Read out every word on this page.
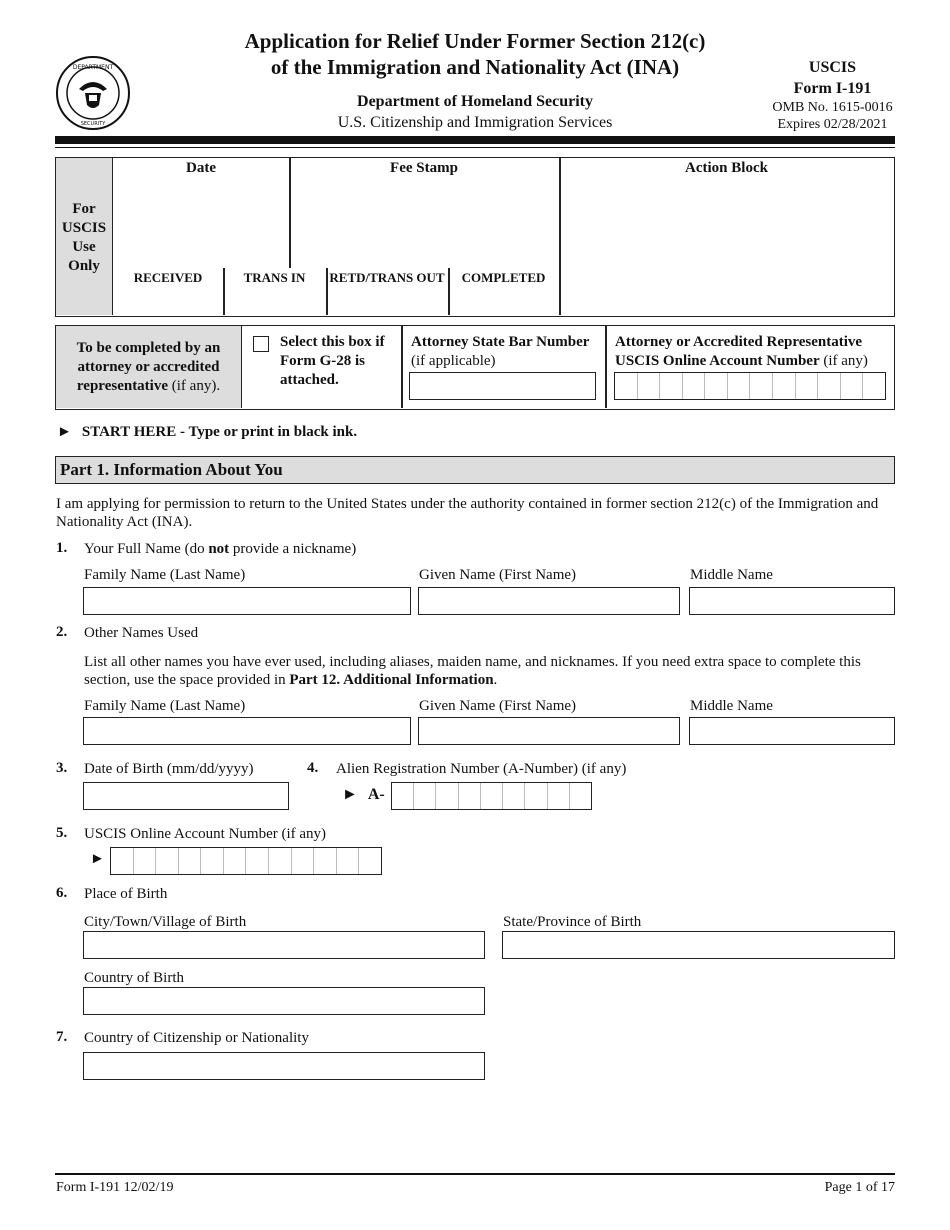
DEPARTMENT
SECURITY
Application for Relief Under Former Section 212(c)
of the Immigration and Nationality Act (INA)
Department of Homeland Security
U.S. Citizenship and Immigration Services
USCIS
Form I-191
OMB No. 1615-0016
Expires 02/28/2021
For
USCIS
Use
Only
Date	Fee Stamp	Action Block
RECEIVED	TRANS IN	RETD/TRANS OUT	COMPLETED
To be completed by an
attorney or accredited
representative (if any).
Select this box if
Form G-28 is
attached.
Attorney State Bar Number
(if applicable)
Attorney or Accredited Representative
USCIS Online Account Number (if any)
► START HERE - Type or print in black ink.
Part 1. Information About You
I am applying for permission to return to the United States under the authority contained in former section 212(c) of the Immigration and Nationality Act (INA).
1. Your Full Name (do not provide a nickname)
Family Name (Last Name)	Given Name (First Name)	Middle Name
2. Other Names Used
List all other names you have ever used, including aliases, maiden name, and nicknames. If you need extra space to complete this section, use the space provided in Part 12. Additional Information.
Family Name (Last Name)	Given Name (First Name)	Middle Name
3. Date of Birth (mm/dd/yyyy)	4. Alien Registration Number (A-Number) (if any)
► A-
5. USCIS Online Account Number (if any)
►
6. Place of Birth
City/Town/Village of Birth	State/Province of Birth
Country of Birth
7. Country of Citizenship or Nationality
Form I-191 12/02/19	Page 1 of 17
